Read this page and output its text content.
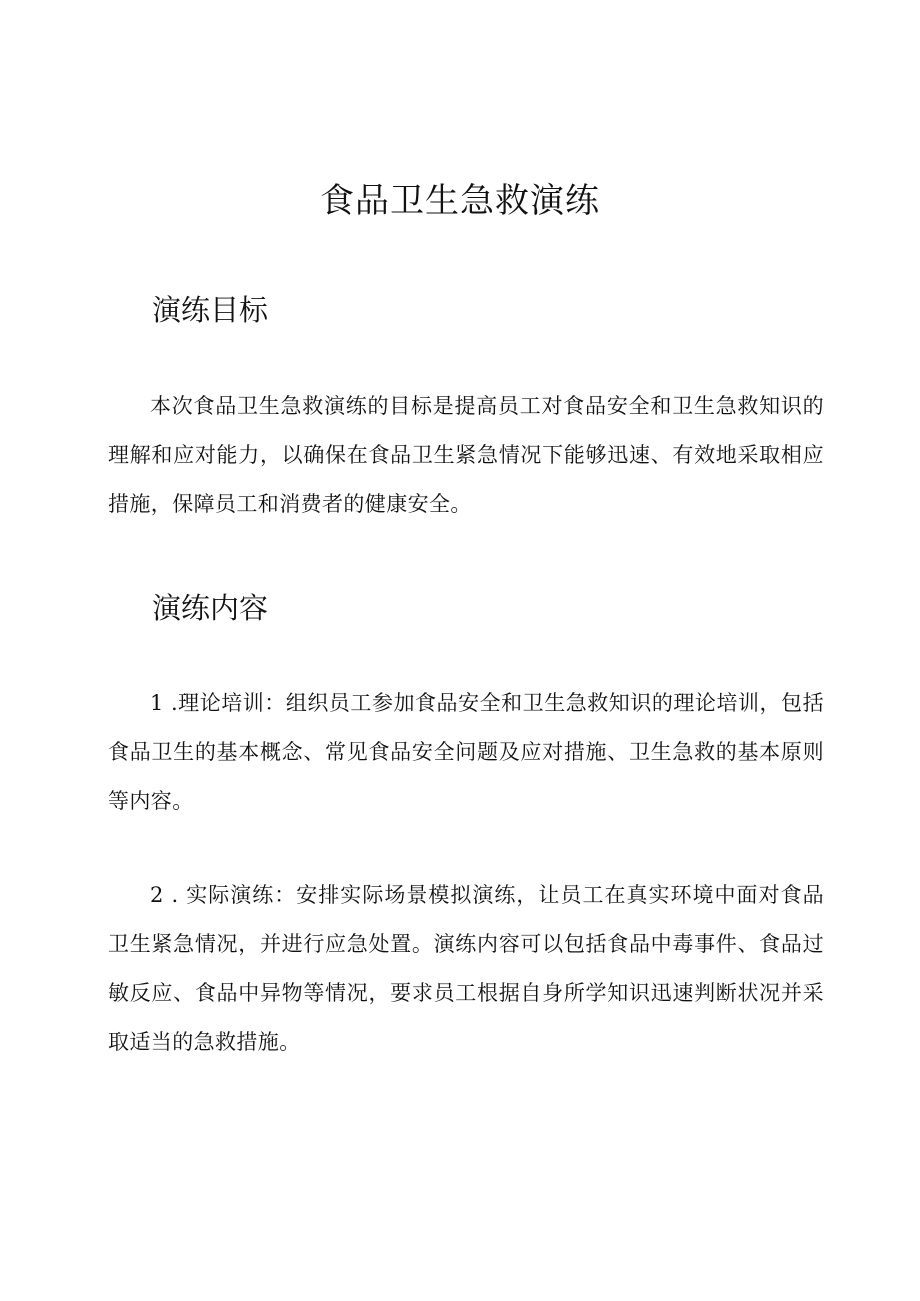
食品卫生急救演练
演练目标
本次食品卫生急救演练的目标是提高员工对食品安全和卫生急救知识的理解和应对能力，以确保在食品卫生紧急情况下能够迅速、有效地采取相应措施，保障员工和消费者的健康安全。
演练内容
1 .理论培训：组织员工参加食品安全和卫生急救知识的理论培训，包括食品卫生的基本概念、常见食品安全问题及应对措施、卫生急救的基本原则等内容。
2 . 实际演练：安排实际场景模拟演练，让员工在真实环境中面对食品卫生紧急情况，并进行应急处置。演练内容可以包括食品中毒事件、食品过敏反应、食品中异物等情况，要求员工根据自身所学知识迅速判断状况并采取适当的急救措施。
